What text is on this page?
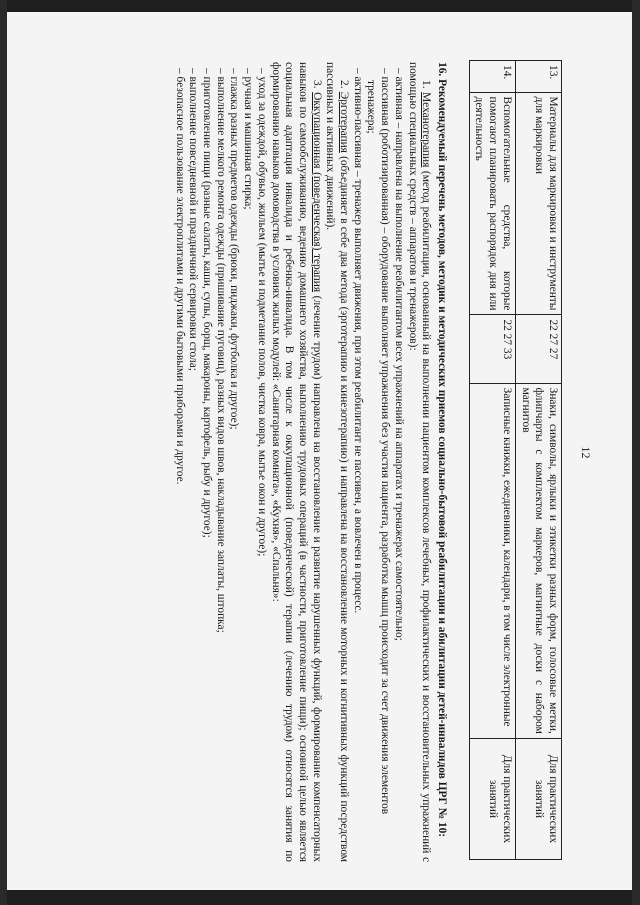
12
13.	Материалы для маркировки и инструменты для маркировки	22 27 27	Знаки, символы, ярлыки и этикетки разных форм, голосовые метки, флипчарты с комплектом маркеров, магнитные доски с набором магнитов	Для практических занятий
14.	Вспомогательные средства, которые помогают планировать распорядок дня или деятельность	22 27 33	Записные книжки, ежедневники, календари, в том числе электронные	Для практических занятий

16. Рекомендуемый перечень методов, методик и методических приемов социально-бытовой реабилитации и абилитации детей-инвалидов ЦРГ № 10:

1. Механотерапия (метод реабилитации, основанный на выполнении пациентом комплексов лечебных, профилактических и восстановительных упражнений с помощью специальных средств – аппаратов и тренажеров):

– активная – направлена на выполнение реабилитантом всех упражнений на аппаратах и тренажерах самостоятельно;
– пассивная (роботизированная) – оборудование выполняет упражнения без участия пациента, разработка мышц происходит за счет движения элементов тренажера;
– активно-пассивная – тренажер выполняет движения, при этом реабилитант не пассивен, а вовлечен в процесс.

2. Эрготерапия (объединяет в себе два метода (эрготерапию и кинезотерапию) и направлена на восстановление моторных и когнитивных функций посредством пассивных и активных движений).

3. Оккупационная (поведенческая) терапия (лечение трудом) направлена на восстановление и развитие нарушенных функций, формирование компенсаторных навыков по самообслуживанию, ведению домашнего хозяйства, выполнению трудовых операций (в частности, приготовление пищи); основной целью является социальная адаптация инвалида и ребенка-инвалида. В том числе к оккупационной (поведенческой) терапии (лечению трудом) относятся занятия по формированию навыков домоводства в условиях жилых модулей: «Санитарная комната», «Кухня», «Спальня»:

– уход за одеждой, обувью, жильем (мытье и подметание полов, чистка ковра, мытье окон и другое);
– ручная и машинная стирка;
– глажка разных предметов одежды (брюки, пиджаки, футболка и другое);
– выполнение мелкого ремонта одежды (пришивание пуговиц), разных видов швов, накладывание заплаты, штопка;
– приготовление пищи (разные салаты, каши, супы, борщ, макароны, картофель, рыбу и другое);
– выполнение повседневной и праздничной сервировки стола;
– безопасное пользование электроплитами и другими бытовыми приборами и другое.
